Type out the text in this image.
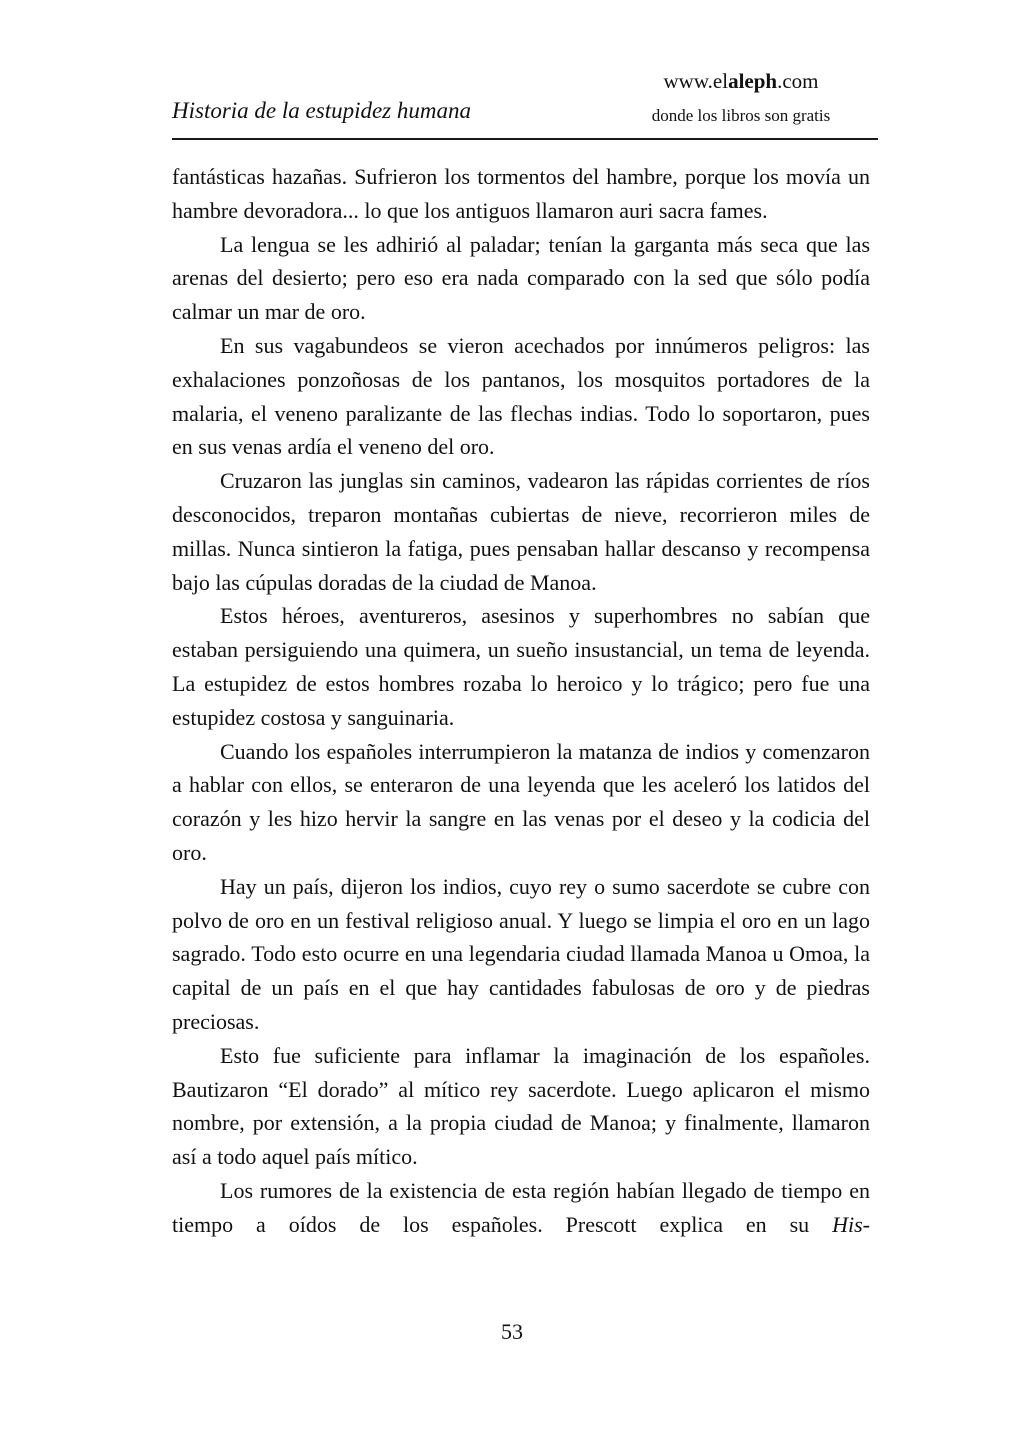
Historia de la estupidez humana
www.elaleph.com
donde los libros son gratis

fantásticas hazañas. Sufrieron los tormentos del hambre, porque los movía un hambre devoradora... lo que los antiguos llamaron auri sacra fames.

La lengua se les adhirió al paladar; tenían la garganta más seca que las arenas del desierto; pero eso era nada comparado con la sed que sólo podía calmar un mar de oro.

En sus vagabundeos se vieron acechados por innúmeros peligros: las exhalaciones ponzoñosas de los pantanos, los mosquitos portadores de la malaria, el veneno paralizante de las flechas indias. Todo lo soportaron, pues en sus venas ardía el veneno del oro.

Cruzaron las junglas sin caminos, vadearon las rápidas corrientes de ríos desconocidos, treparon montañas cubiertas de nieve, recorrieron miles de millas. Nunca sintieron la fatiga, pues pensaban hallar descanso y recompensa bajo las cúpulas doradas de la ciudad de Manoa.

Estos héroes, aventureros, asesinos y superhombres no sabían que estaban persiguiendo una quimera, un sueño insustancial, un tema de leyenda. La estupidez de estos hombres rozaba lo heroico y lo trágico; pero fue una estupidez costosa y sanguinaria.

Cuando los españoles interrumpieron la matanza de indios y comenzaron a hablar con ellos, se enteraron de una leyenda que les aceleró los latidos del corazón y les hizo hervir la sangre en las venas por el deseo y la codicia del oro.

Hay un país, dijeron los indios, cuyo rey o sumo sacerdote se cubre con polvo de oro en un festival religioso anual. Y luego se limpia el oro en un lago sagrado. Todo esto ocurre en una legendaria ciudad llamada Manoa u Omoa, la capital de un país en el que hay cantidades fabulosas de oro y de piedras preciosas.

Esto fue suficiente para inflamar la imaginación de los españoles. Bautizaron “El dorado” al mítico rey sacerdote. Luego aplicaron el mismo nombre, por extensión, a la propia ciudad de Manoa; y finalmente, llamaron así a todo aquel país mítico.

Los rumores de la existencia de esta región habían llegado de tiempo en tiempo a oídos de los españoles. Prescott explica en su His-

53
